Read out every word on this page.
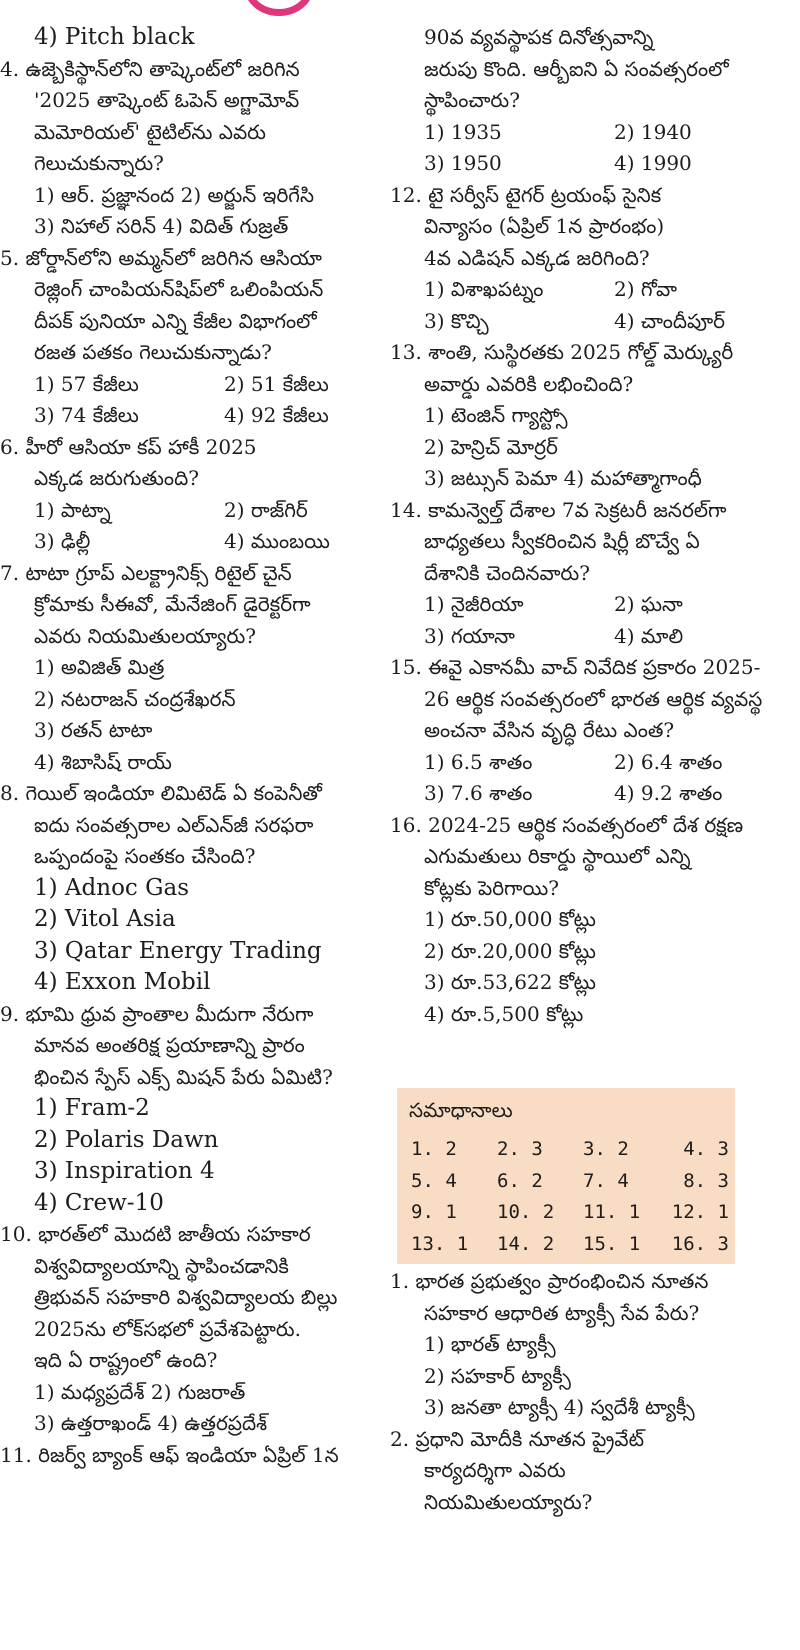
4) Pitch black
4. ఉజ్బెకిస్థాన్‌లోని తాష్కెంట్‌లో జరిగిన
'2025 తాష్కెంట్ ఓపెన్ అగ్జామోవ్
మెమోరియల్' టైటిల్‌ను ఎవరు
గెలుచుకున్నారు?
1) ఆర్. ప్రజ్ఞానంద 2) అర్జున్ ఇరిగేసి
3) నిహాల్ సరిన్ 4) విదిత్ గుజ్రత్
5. జోర్డాన్‌లోని అమ్మన్‌లో జరిగిన ఆసియా
రెజ్లింగ్ చాంపియన్‌షిప్‌లో ఒలింపియన్
దీపక్ పునియా ఎన్ని కేజీల విభాగంలో
రజత పతకం గెలుచుకున్నాడు?
1) 57 కేజీలు	2) 51 కేజీలు
3) 74 కేజీలు	4) 92 కేజీలు
6. హీరో ఆసియా కప్ హాకీ 2025
ఎక్కడ జరుగుతుంది?
1) పాట్నా	2) రాజ్‌గిర్
3) ఢిల్లీ	4) ముంబయి
7. టాటా గ్రూప్ ఎలక్ట్రానిక్స్ రిటైల్ చైన్
క్రోమాకు సీఈవో, మేనేజింగ్ డైరెక్టర్‌గా
ఎవరు నియమితులయ్యారు?
1) అవిజిత్ మిత్ర
2) నటరాజన్ చంద్రశేఖరన్
3) రతన్ టాటా
4) శిబాసిష్ రాయ్
8. గెయిల్ ఇండియా లిమిటెడ్ ఏ కంపెనీతో
ఐదు సంవత్సరాల ఎల్ఎన్‌జీ సరఫరా
ఒప్పందంపై సంతకం చేసింది?
1) Adnoc Gas
2) Vitol Asia
3) Qatar Energy Trading
4) Exxon Mobil
9. భూమి ధ్రువ ప్రాంతాల మీదుగా నేరుగా
మానవ అంతరిక్ష ప్రయాణాన్ని ప్రారం
భించిన స్పేస్ ఎక్స్ మిషన్ పేరు ఏమిటి?
1) Fram-2
2) Polaris Dawn
3) Inspiration 4
4) Crew-10
10. భారత్‌లో మొదటి జాతీయ సహకార
విశ్వవిద్యాలయాన్ని స్థాపించడానికి
త్రిభువన్ సహకారి విశ్వవిద్యాలయ బిల్లు
2025ను లోక్‌సభలో ప్రవేశపెట్టారు.
ఇది ఏ రాష్ట్రంలో ఉంది?
1) మధ్యప్రదేశ్ 2) గుజరాత్
3) ఉత్తరాఖండ్ 4) ఉత్తరప్రదేశ్
11. రిజర్వ్ బ్యాంక్ ఆఫ్ ఇండియా ఏప్రిల్ 1న
90వ వ్యవస్థాపక దినోత్సవాన్ని
జరుపు కొంది. ఆర్బీఐని ఏ సంవత్సరంలో
స్థాపించారు?
1) 1935	2) 1940
3) 1950	4) 1990
12. టై సర్వీస్ టైగర్ ట్రయంఫ్ సైనిక
విన్యాసం (ఏప్రిల్ 1న ప్రారంభం)
4వ ఎడిషన్ ఎక్కడ జరిగింది?
1) విశాఖపట్నం	2) గోవా
3) కొచ్చి	4) చాందీపూర్
13. శాంతి, సుస్థిరతకు 2025 గోల్డ్ మెర్క్యురీ
అవార్డు ఎవరికి లభించింది?
1) టెంజిన్ గ్యాస్ట్సో
2) హెన్రిచ్ మోర్రర్
3) జట్సున్ పెమా 4) మహాత్మాగాంధీ
14. కామన్వెల్త్ దేశాల 7వ సెక్రటరీ జనరల్‌గా
బాధ్యతలు స్వీకరించిన షిర్లీ బొచ్వే ఏ
దేశానికి చెందినవారు?
1) నైజీరియా	2) ఘనా
3) గయానా	4) మాలి
15. ఈవై ఎకానమీ వాచ్ నివేదిక ప్రకారం 2025-
26 ఆర్థిక సంవత్సరంలో భారత ఆర్థిక వ్యవస్థ
అంచనా వేసిన వృద్ధి రేటు ఎంత?
1) 6.5 శాతం	2) 6.4 శాతం
3) 7.6 శాతం	4) 9.2 శాతం
16. 2024-25 ఆర్థిక సంవత్సరంలో దేశ రక్షణ
ఎగుమతులు రికార్డు స్థాయిలో ఎన్ని
కోట్లకు పెరిగాయి?
1) రూ.50,000 కోట్లు
2) రూ.20,000 కోట్లు
3) రూ.53,622 కోట్లు
4) రూ.5,500 కోట్లు
సమాధానాలు
1. 2	2. 3	3. 2	4. 3
5. 4	6. 2	7. 4	8. 3
9. 1	10. 2	11. 1	12. 1
13. 1	14. 2	15. 1	16. 3
1. భారత ప్రభుత్వం ప్రారంభించిన నూతన
సహకార ఆధారిత ట్యాక్సీ సేవ పేరు?
1) భారత్ ట్యాక్సీ
2) సహకార్ ట్యాక్సీ
3) జనతా ట్యాక్సీ 4) స్వదేశీ ట్యాక్సీ
2. ప్రధాని మోదీకి నూతన ప్రైవేట్
కార్యదర్శిగా ఎవరు
నియమితులయ్యారు?
